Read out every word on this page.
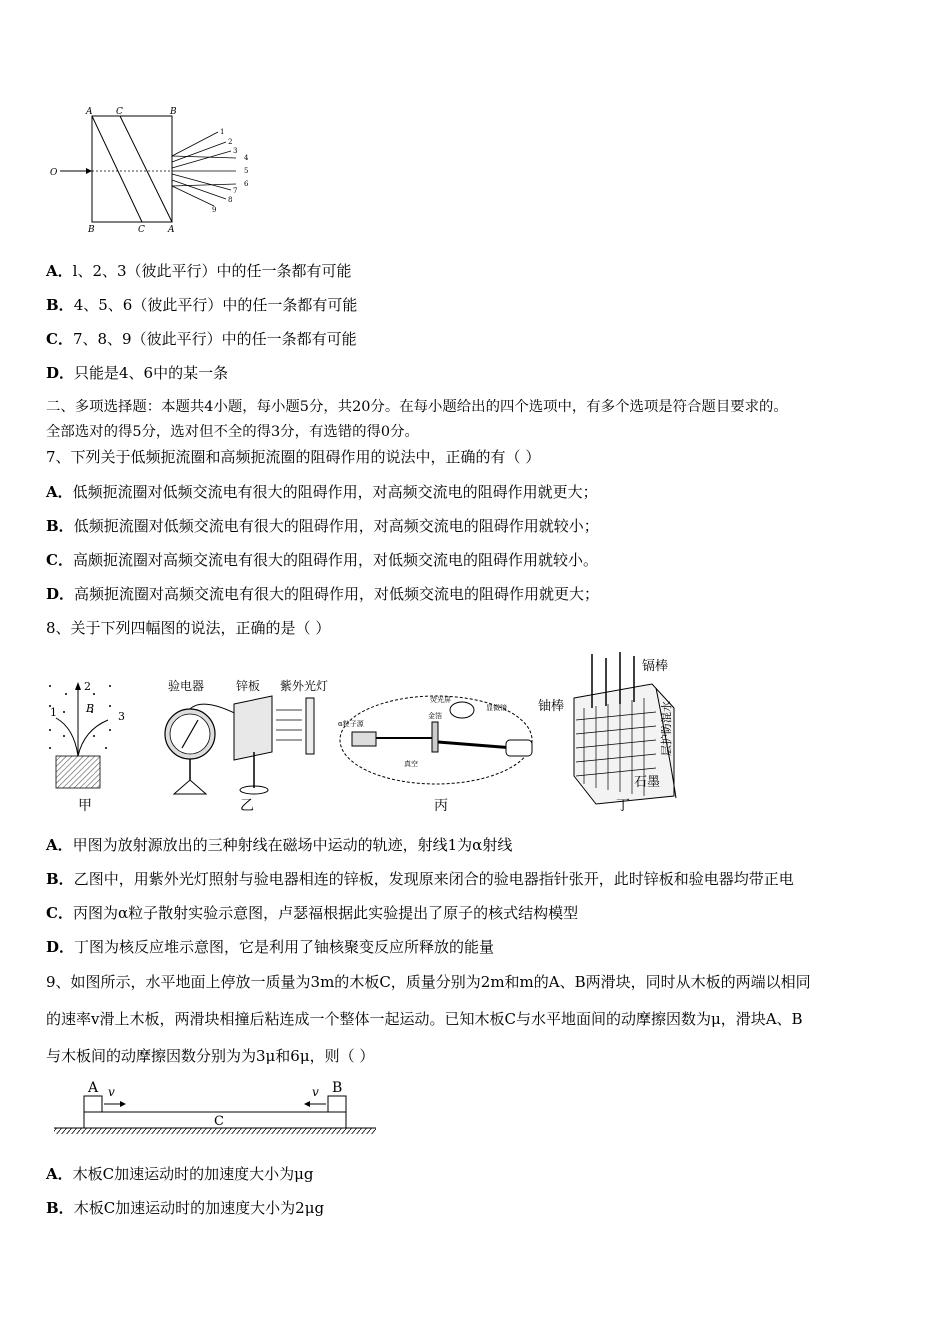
A	C	B
B	C	A
O
1
2
3
4
5
6
7
8
9
A．l、2、3（彼此平行）中的任一条都有可能
B．4、5、6（彼此平行）中的任一条都有可能
C．7、8、9（彼此平行）中的任一条都有可能
D．只能是4、6中的某一条
二、多项选择题：本题共4小题，每小题5分，共20分。在每小题给出的四个选项中，有多个选项是符合题目要求的。
全部选对的得5分，选对但不全的得3分，有选错的得0分。
7、下列关于低频扼流圈和高频扼流圈的阻碍作用的说法中，正确的有（ ）
A．低频扼流圈对低频交流电有很大的阻碍作用，对高频交流电的阻碍作用就更大；
B．低频扼流圈对低频交流电有很大的阻碍作用，对高频交流电的阻碍作用就较小；
C．高颇扼流圈对高频交流电有很大的阻碍作用，对低频交流电的阻碍作用就较小。
D．高频扼流圈对高频交流电有很大的阻碍作用，对低频交流电的阻碍作用就更大；
8、关于下列四幅图的说法，正确的是（ ）
1
2
3
B
甲
验电器	锌板 紫外光灯
乙
α粒子源
金箔
荧光屏
显微镜
真空
丙
镉棒
铀棒
石墨
层护防混水
丁
A．甲图为放射源放出的三种射线在磁场中运动的轨迹，射线1为α射线
B．乙图中，用紫外光灯照射与验电器相连的锌板，发现原来闭合的验电器指针张开，此时锌板和验电器均带正电
C．丙图为α粒子散射实验示意图，卢瑟福根据此实验提出了原子的核式结构模型
D．丁图为核反应堆示意图，它是利用了铀核聚变反应所释放的能量
9、如图所示，水平地面上停放一质量为3m的木板C，质量分别为2m和m的A、B两滑块，同时从木板的两端以相同
的速率v滑上木板，两滑块相撞后粘连成一个整体一起运动。已知木板C与水平地面间的动摩擦因数为μ，滑块A、B
与木板间的动摩擦因数分别为为3μ和6μ，则（ ）
A v	B
v
C
A．木板C加速运动时的加速度大小为μg
B．木板C加速运动时的加速度大小为2μg
